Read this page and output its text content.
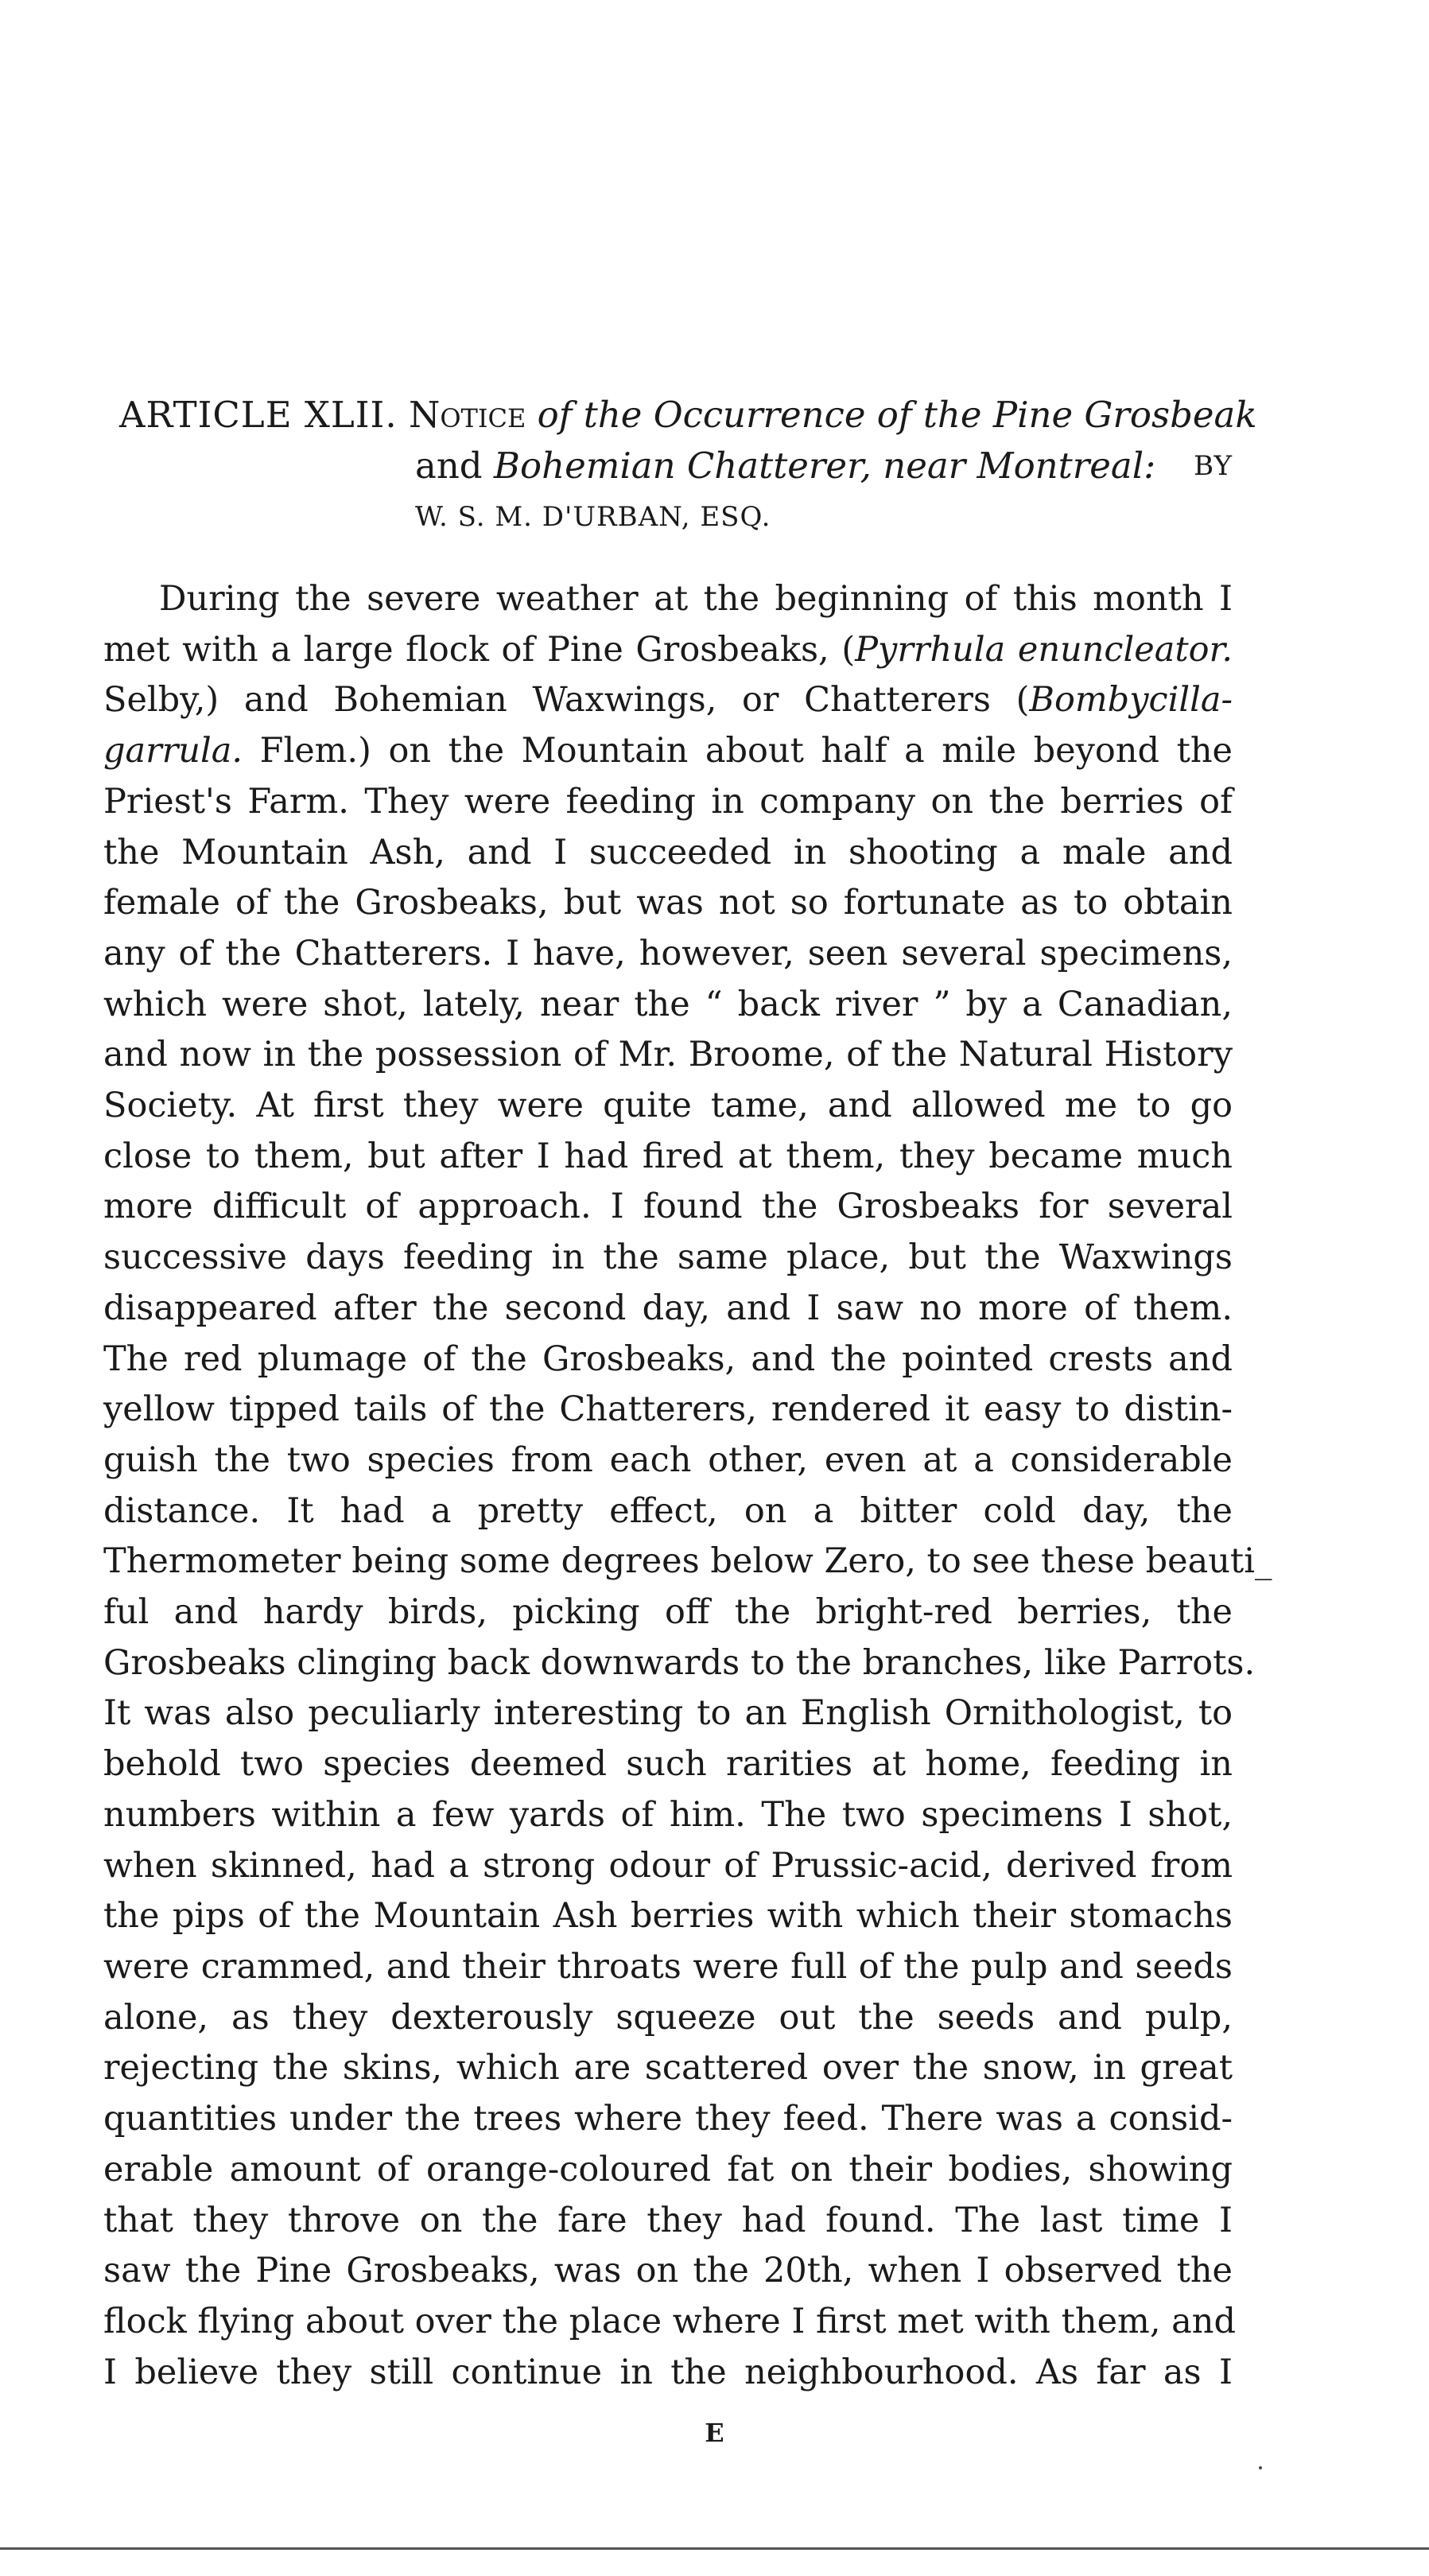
ARTICLE XLII. Notice of the Occurrence of the Pine Grosbeak
and Bohemian Chatterer, near Montreal: BY
W. S. M. D'URBAN, ESQ.
During the severe weather at the beginning of this month I
met with a large flock of Pine Grosbeaks, (Pyrrhula enuncleator.
Selby,) and Bohemian Waxwings, or Chatterers (Bombycilla-
garrula. Flem.) on the Mountain about half a mile beyond the
Priest's Farm. They were feeding in company on the berries of
the Mountain Ash, and I succeeded in shooting a male and
female of the Grosbeaks, but was not so fortunate as to obtain
any of the Chatterers. I have, however, seen several specimens,
which were shot, lately, near the “ back river ” by a Canadian,
and now in the possession of Mr. Broome, of the Natural History
Society. At first they were quite tame, and allowed me to go
close to them, but after I had fired at them, they became much
more difficult of approach. I found the Grosbeaks for several
successive days feeding in the same place, but the Waxwings
disappeared after the second day, and I saw no more of them.
The red plumage of the Grosbeaks, and the pointed crests and
yellow tipped tails of the Chatterers, rendered it easy to distin-
guish the two species from each other, even at a considerable
distance. It had a pretty effect, on a bitter cold day, the
Thermometer being some degrees below Zero, to see these beauti_
ful and hardy birds, picking off the bright-red berries, the
Grosbeaks clinging back downwards to the branches, like Parrots.
It was also peculiarly interesting to an English Ornithologist, to
behold two species deemed such rarities at home, feeding in
numbers within a few yards of him. The two specimens I shot,
when skinned, had a strong odour of Prussic-acid, derived from
the pips of the Mountain Ash berries with which their stomachs
were crammed, and their throats were full of the pulp and seeds
alone, as they dexterously squeeze out the seeds and pulp,
rejecting the skins, which are scattered over the snow, in great
quantities under the trees where they feed. There was a consid-
erable amount of orange-coloured fat on their bodies, showing
that they throve on the fare they had found. The last time I
saw the Pine Grosbeaks, was on the 20th, when I observed the
flock flying about over the place where I first met with them, and
I believe they still continue in the neighbourhood. As far as I
E
